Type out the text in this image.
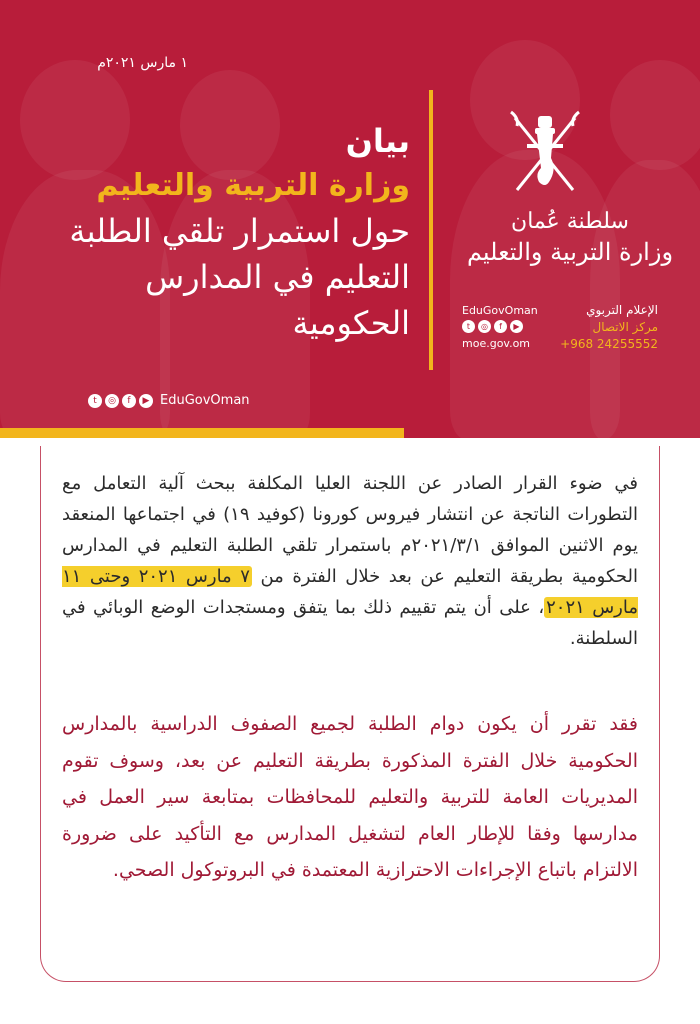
١ مارس ٢٠٢١م
بيان
وزارة التربية والتعليم
حول استمرار تلقي الطلبة التعليم في المدارس الحكومية
t	◎	f	▶ EduGovOman
سلطنة عُمان
وزارة التربية والتعليم
الإعلام التربوي
مركز الاتصال
+968 24255552
EduGovOman
t	◎	f	▶
moe.gov.om
في ضوء القرار الصادر عن اللجنة العليا المكلفة ببحث آلية التعامل مع التطورات الناتجة عن انتشار فيروس كورونا (كوفيد ١٩) في اجتماعها المنعقد يوم الاثنين الموافق ٢٠٢١/٣/١م باستمرار تلقي الطلبة التعليم في المدارس الحكومية بطريقة التعليم عن بعد خلال الفترة من ٧ مارس ٢٠٢١ وحتى ١١ مارس ٢٠٢١، على أن يتم تقييم ذلك بما يتفق ومستجدات الوضع الوبائي في السلطنة.
فقد تقرر أن يكون دوام الطلبة لجميع الصفوف الدراسية بالمدارس الحكومية خلال الفترة المذكورة بطريقة التعليم عن بعد، وسوف تقوم المديريات العامة للتربية والتعليم للمحافظات بمتابعة سير العمل في مدارسها وفقا للإطار العام لتشغيل المدارس مع التأكيد على ضرورة الالتزام باتباع الإجراءات الاحترازية المعتمدة في البروتوكول الصحي.
